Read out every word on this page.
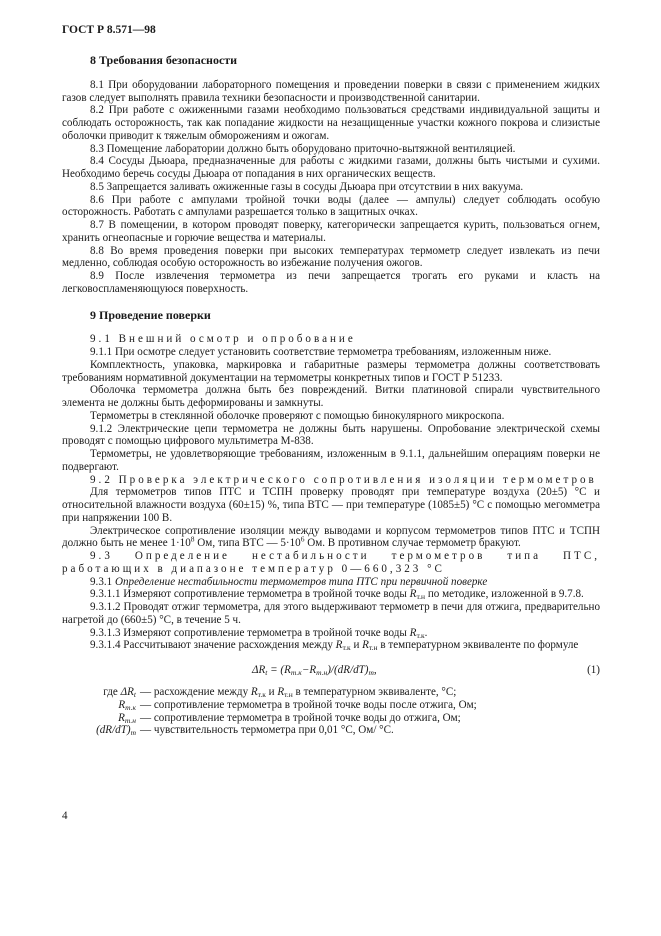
ГОСТ Р 8.571—98
8 Требования безопасности
8.1 При оборудовании лабораторного помещения и проведении поверки в связи с применением жидких газов следует выполнять правила техники безопасности и производственной санитарии.
8.2 При работе с ожиженными газами необходимо пользоваться средствами индивидуальной защиты и соблюдать осторожность, так как попадание жидкости на незащищенные участки кожного покрова и слизистые оболочки приводит к тяжелым обморожениям и ожогам.
8.3 Помещение лаборатории должно быть оборудовано приточно-вытяжной вентиляцией.
8.4 Сосуды Дьюара, предназначенные для работы с жидкими газами, должны быть чистыми и сухими. Необходимо беречь сосуды Дьюара от попадания в них органических веществ.
8.5 Запрещается заливать ожиженные газы в сосуды Дьюара при отсутствии в них вакуума.
8.6 При работе с ампулами тройной точки воды (далее — ампулы) следует соблюдать особую осторожность. Работать с ампулами разрешается только в защитных очках.
8.7 В помещении, в котором проводят поверку, категорически запрещается курить, пользоваться огнем, хранить огнеопасные и горючие вещества и материалы.
8.8 Во время проведения поверки при высоких температурах термометр следует извлекать из печи медленно, соблюдая особую осторожность во избежание получения ожогов.
8.9 После извлечения термометра из печи запрещается трогать его руками и класть на легковоспламеняющуюся поверхность.
9 Проведение поверки
9.1 Внешний осмотр и опробование
9.1.1 При осмотре следует установить соответствие термометра требованиям, изложенным ниже.
Комплектность, упаковка, маркировка и габаритные размеры термометра должны соответствовать требованиям нормативной документации на термометры конкретных типов и ГОСТ Р 51233.
Оболочка термометра должна быть без повреждений. Витки платиновой спирали чувствительного элемента не должны быть деформированы и замкнуты.
Термометры в стеклянной оболочке проверяют с помощью бинокулярного микроскопа.
9.1.2 Электрические цепи термометра не должны быть нарушены. Опробование электрической схемы проводят с помощью цифрового мультиметра М-838.
Термометры, не удовлетворяющие требованиям, изложенным в 9.1.1, дальнейшим операциям поверки не подвергают.
9.2 Проверка электрического сопротивления изоляции термометров
Для термометров типов ПТС и ТСПН проверку проводят при температуре воздуха (20±5) °С и относительной влажности воздуха (60±15) %, типа ВТС — при температуре (1085±5) °С с помощью мегомметра при напряжении 100 В.
Электрическое сопротивление изоляции между выводами и корпусом термометров типов ПТС и ТСПН должно быть не менее $1\cdot 10^8$ Ом, типа ВТС — $5\cdot 10^6$ Ом. В противном случае термометр бракуют.
9.3 Определение нестабильности термометров типа ПТС, работающих в диапазоне температур 0—660,323 °С
9.3.1 Определение нестабильности термометров типа ПТС при первичной поверке
9.3.1.1 Измеряют сопротивление термометра в тройной точке воды $R_{т.н}$ по методике, изложенной в 9.7.8.
9.3.1.2 Проводят отжиг термометра, для этого выдерживают термометр в печи для отжига, предварительно нагретой до (660±5) °С, в течение 5 ч.
9.3.1.3 Измеряют сопротивление термометра в тройной точке воды $R_{т.к}$.
9.3.1.4 Рассчитывают значение расхождения между $R_{т.к}$ и $R_{т.н}$ в температурном эквиваленте по формуле
$\Delta R_t = (R_{т.к}-R_{т.н})/(dR/dT)_т$,	(1)
где $\Delta R_t$ — расхождение между $R_{т.к}$ и $R_{т.н}$ в температурном эквиваленте, °С;
$R_{т.к}$ — сопротивление термометра в тройной точке воды после отжига, Ом;
$R_{т.н}$ — сопротивление термометра в тройной точке воды до отжига, Ом;
$(dR/dT)_т$ — чувствительность термометра при 0,01 °С, Ом/ °С.
4
